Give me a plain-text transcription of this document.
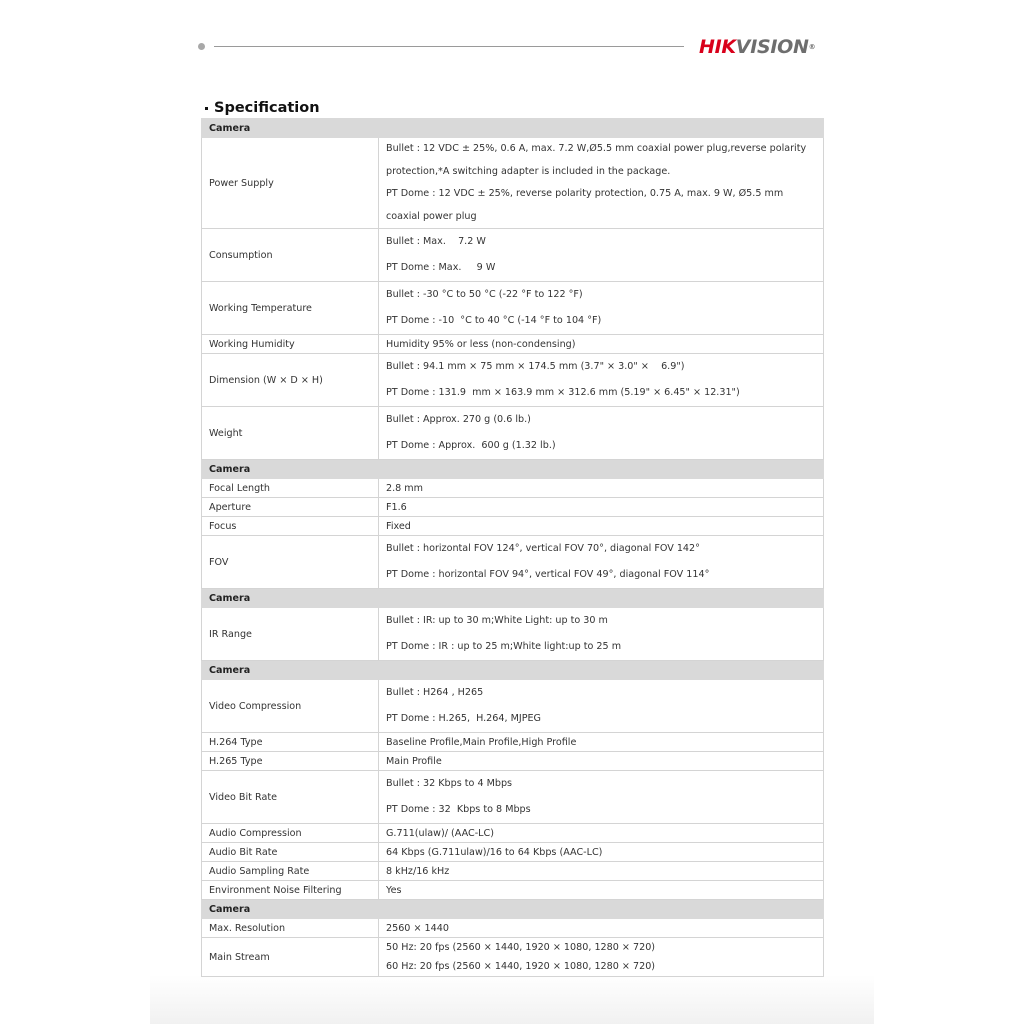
HIKVISION®
Specification
Camera	
Power Supply	Bullet : 12 VDC ± 25%, 0.6 A, max. 7.2 W,Ø5.5 mm coaxial power plug,reverse polarity
protection,*A switching adapter is included in the package.
PT Dome : 12 VDC ± 25%, reverse polarity protection, 0.75 A, max. 9 W, Ø5.5 mm
coaxial power plug

Consumption	Bullet : Max.    7.2 W
PT Dome : Max.     9 W

Working Temperature	Bullet : -30 °C to 50 °C (-22 °F to 122 °F)
PT Dome : -10  °C to 40 °C (-14 °F to 104 °F)

Working Humidity	Humidity 95% or less (non-condensing)

Dimension (W × D × H)	Bullet : 94.1 mm × 75 mm × 174.5 mm (3.7" × 3.0" ×    6.9")
PT Dome : 131.9  mm × 163.9 mm × 312.6 mm (5.19" × 6.45" × 12.31")

Weight	Bullet : Approx. 270 g (0.6 lb.)
PT Dome : Approx.  600 g (1.32 lb.)

Camera	
Focal Length	2.8 mm

Aperture	F1.6

Focus	Fixed

FOV	Bullet : horizontal FOV 124°, vertical FOV 70°, diagonal FOV 142°
PT Dome : horizontal FOV 94°, vertical FOV 49°, diagonal FOV 114°

Camera	
IR Range	Bullet : IR: up to 30 m;White Light: up to 30 m
PT Dome : IR : up to 25 m;White light:up to 25 m

Camera	
Video Compression	Bullet : H264 , H265
PT Dome : H.265,  H.264, MJPEG

H.264 Type	Baseline Profile,Main Profile,High Profile

H.265 Type	Main Profile

Video Bit Rate	Bullet : 32 Kbps to 4 Mbps
PT Dome : 32  Kbps to 8 Mbps

Audio Compression	G.711(ulaw)/ (AAC-LC)

Audio Bit Rate	64 Kbps (G.711ulaw)/16 to 64 Kbps (AAC-LC)

Audio Sampling Rate	8 kHz/16 kHz

Environment Noise Filtering	Yes

Camera	
Max. Resolution	2560 × 1440

Main Stream	50 Hz: 20 fps (2560 × 1440, 1920 × 1080, 1280 × 720)
60 Hz: 20 fps (2560 × 1440, 1920 × 1080, 1280 × 720)
